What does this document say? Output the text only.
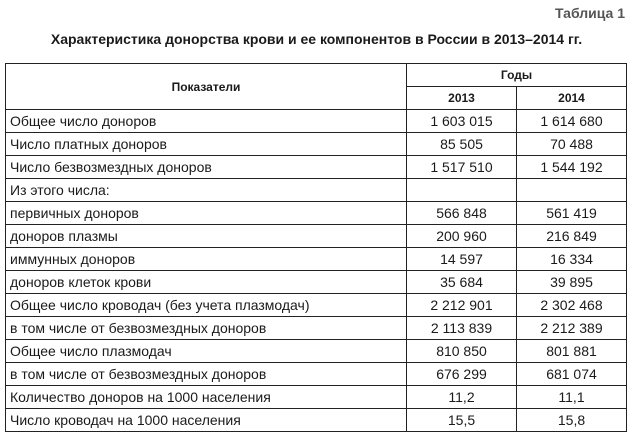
Таблица 1
Характеристика донорства крови и ее компонентов в России в 2013–2014 гг.
Показатели	Годы	
	2013	2014
Общее число доноров	1 603 015	1 614 680
Число платных доноров	85 505	70 488
Число безвозмездных доноров	1 517 510	1 544 192
Из этого числа:		
первичных доноров	566 848	561 419
доноров плазмы	200 960	216 849
иммунных доноров	14 597	16 334
доноров клеток крови	35 684	39 895
Общее число кроводач (без учета плазмодач)	2 212 901	2 302 468
в том числе от безвозмездных доноров	2 113 839	2 212 389
Общее число плазмодач	810 850	801 881
в том числе от безвозмездных доноров	676 299	681 074
Количество доноров на 1000 населения	11,2	11,1
Число кроводач на 1000 населения	15,5	15,8
